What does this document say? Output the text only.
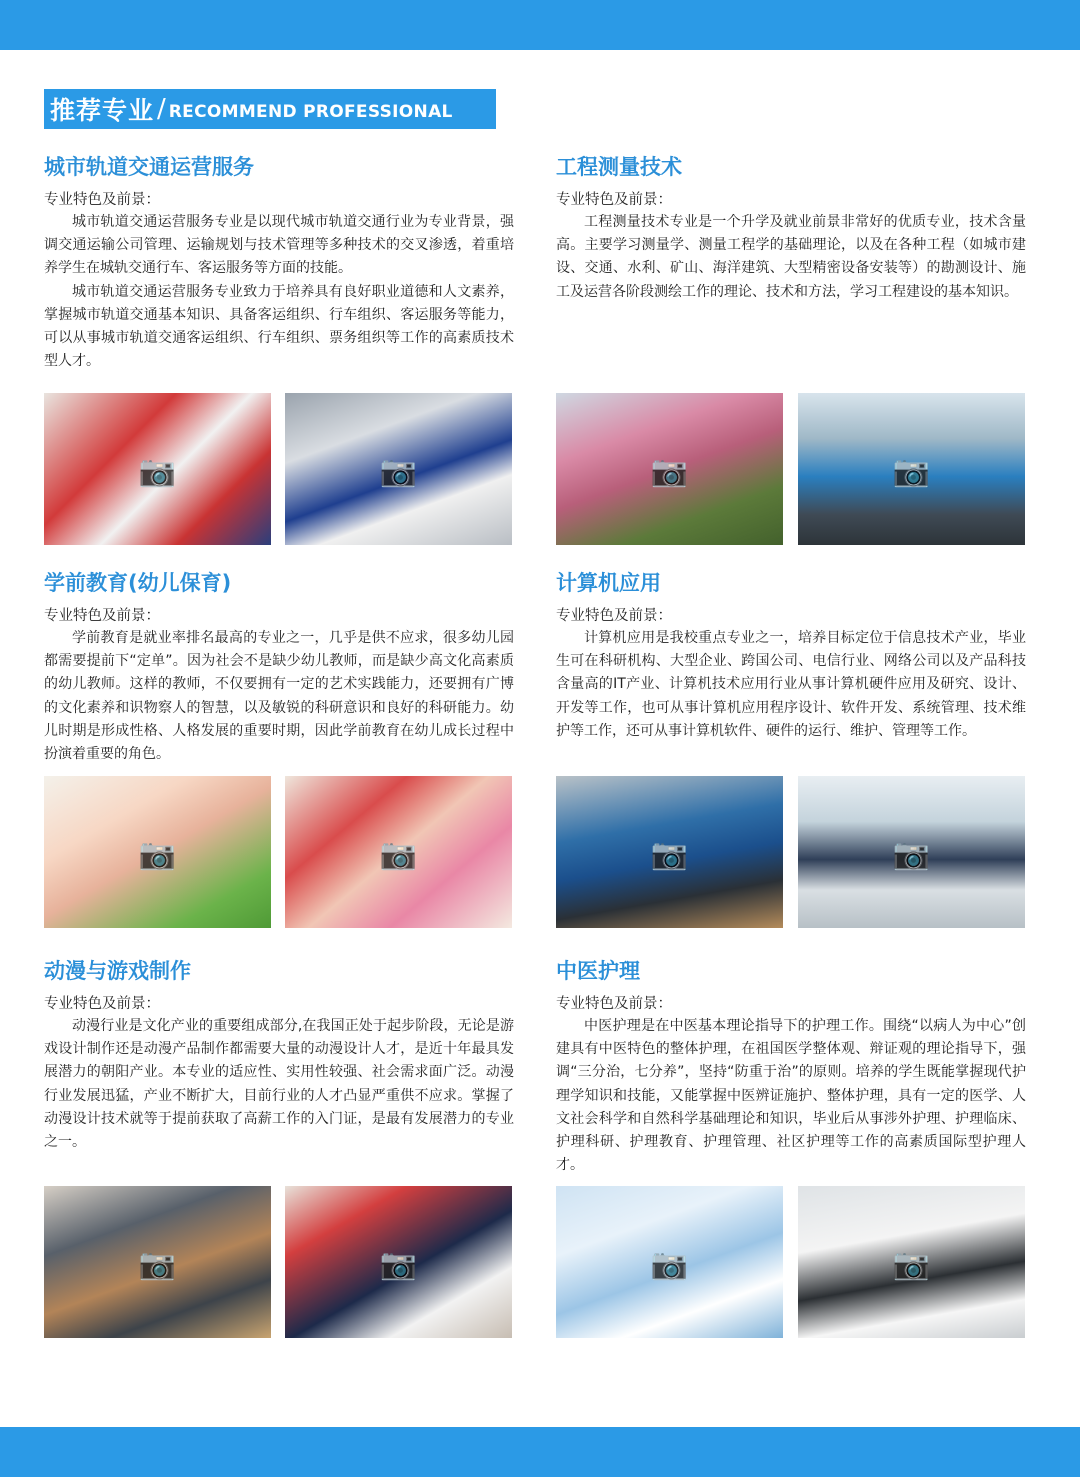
推荐专业 / RECOMMEND PROFESSIONAL
城市轨道交通运营服务
专业特色及前景：

城市轨道交通运营服务专业是以现代城市轨道交通行业为专业背景，强调交通运输公司管理、运输规划与技术管理等多种技术的交叉渗透，着重培养学生在城轨交通行车、客运服务等方面的技能。

城市轨道交通运营服务专业致力于培养具有良好职业道德和人文素养，掌握城市轨道交通基本知识、具备客运组织、行车组织、客运服务等能力，可以从事城市轨道交通客运组织、行车组织、票务组织等工作的高素质技术型人才。

📷	📷
工程测量技术
专业特色及前景：

工程测量技术专业是一个升学及就业前景非常好的优质专业，技术含量高。主要学习测量学、测量工程学的基础理论，以及在各种工程（如城市建设、交通、水利、矿山、海洋建筑、大型精密设备安装等）的勘测设计、施工及运营各阶段测绘工作的理论、技术和方法，学习工程建设的基本知识。

📷	📷
学前教育(幼儿保育)
专业特色及前景：

学前教育是就业率排名最高的专业之一，几乎是供不应求，很多幼儿园都需要提前下“定单”。因为社会不是缺少幼儿教师，而是缺少高文化高素质的幼儿教师。这样的教师，不仅要拥有一定的艺术实践能力，还要拥有广博的文化素养和识物察人的智慧，以及敏锐的科研意识和良好的科研能力。幼儿时期是形成性格、人格发展的重要时期，因此学前教育在幼儿成长过程中扮演着重要的角色。

📷	📷
计算机应用
专业特色及前景：

计算机应用是我校重点专业之一，培养目标定位于信息技术产业，毕业生可在科研机构、大型企业、跨国公司、电信行业、网络公司以及产品科技含量高的IT产业、计算机技术应用行业从事计算机硬件应用及研究、设计、开发等工作，也可从事计算机应用程序设计、软件开发、系统管理、技术维护等工作，还可从事计算机软件、硬件的运行、维护、管理等工作。

📷	📷
动漫与游戏制作
专业特色及前景：

动漫行业是文化产业的重要组成部分,在我国正处于起步阶段，无论是游戏设计制作还是动漫产品制作都需要大量的动漫设计人才，是近十年最具发展潜力的朝阳产业。本专业的适应性、实用性较强、社会需求面广泛。动漫行业发展迅猛，产业不断扩大，目前行业的人才凸显严重供不应求。掌握了动漫设计技术就等于提前获取了高薪工作的入门证，是最有发展潜力的专业之一。

📷	📷
中医护理
专业特色及前景：

中医护理是在中医基本理论指导下的护理工作。围绕“以病人为中心”创建具有中医特色的整体护理，在祖国医学整体观、辩证观的理论指导下，强调“三分治，七分养”，坚持“防重于治”的原则。培养的学生既能掌握现代护理学知识和技能，又能掌握中医辨证施护、整体护理，具有一定的医学、人文社会科学和自然科学基础理论和知识，毕业后从事涉外护理、护理临床、护理科研、护理教育、护理管理、社区护理等工作的高素质国际型护理人才。

📷	📷
